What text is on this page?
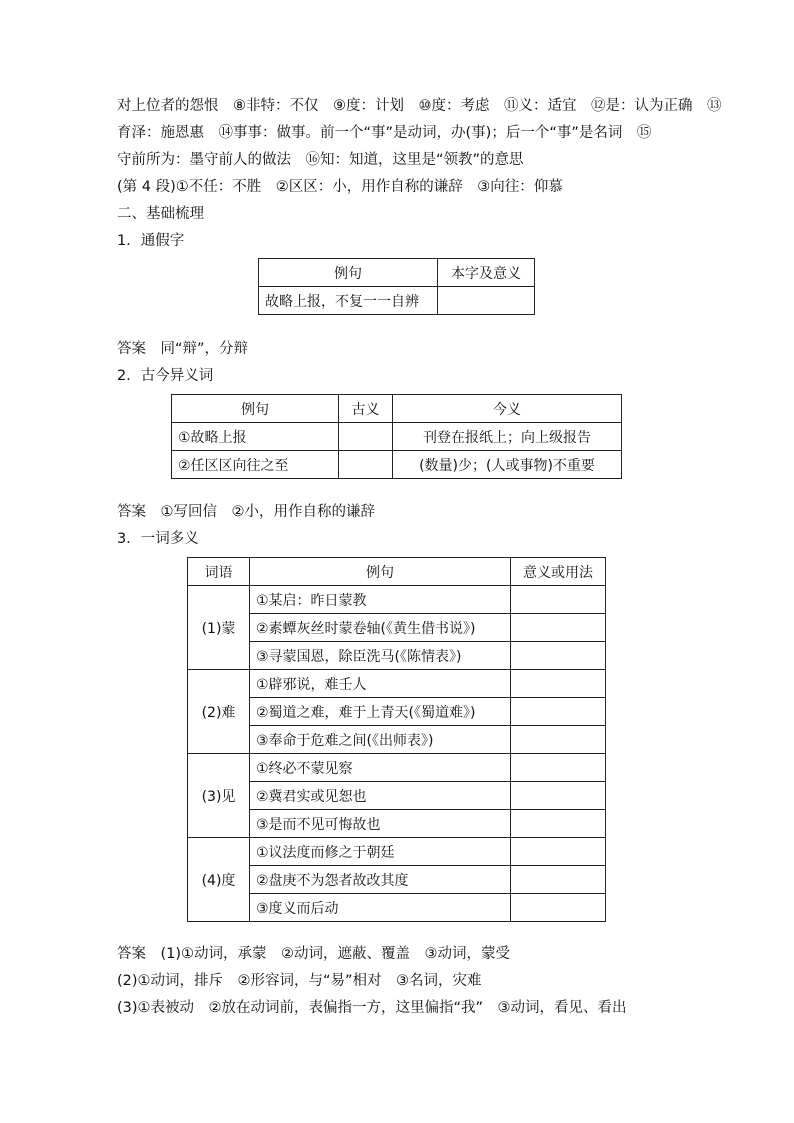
对上位者的怨恨　⑧非特：不仅　⑨度：计划　⑩度：考虑　⑪义：适宜　⑫是：认为正确　⑬
育泽：施恩惠　⑭事事：做事。前一个“事”是动词，办(事)；后一个“事”是名词　⑮
守前所为：墨守前人的做法　⑯知：知道，这里是“领教”的意思
(第 4 段)①不任：不胜　②区区：小，用作自称的谦辞　③向往：仰慕
二、基础梳理
1．通假字
例句	本字及意义
故略上报，不复一一自辨	
答案　同“辩”，分辩
2．古今异义词
例句	古义	今义
①故略上报		刊登在报纸上；向上级报告
②任区区向往之至		(数量)少；(人或事物)不重要
答案　①写回信　②小，用作自称的谦辞
3．一词多义
词语	例句	意义或用法
(1)蒙	①某启：昨日蒙教	
	②素蟫灰丝时蒙卷轴(《黄生借书说》)	
	③寻蒙国恩，除臣洗马(《陈情表》)	
(2)难	①辟邪说，难壬人	
	②蜀道之难，难于上青天(《蜀道难》)	
	③奉命于危难之间(《出师表》)	
(3)见	①终必不蒙见察	
	②冀君实或见恕也	
	③是而不见可悔故也	
(4)度	①议法度而修之于朝廷	
	②盘庚不为怨者故改其度	
	③度义而后动	
答案　(1)①动词，承蒙　②动词，遮蔽、覆盖　③动词，蒙受
(2)①动词，排斥　②形容词，与“易”相对　③名词，灾难
(3)①表被动　②放在动词前，表偏指一方，这里偏指“我”　③动词，看见、看出
